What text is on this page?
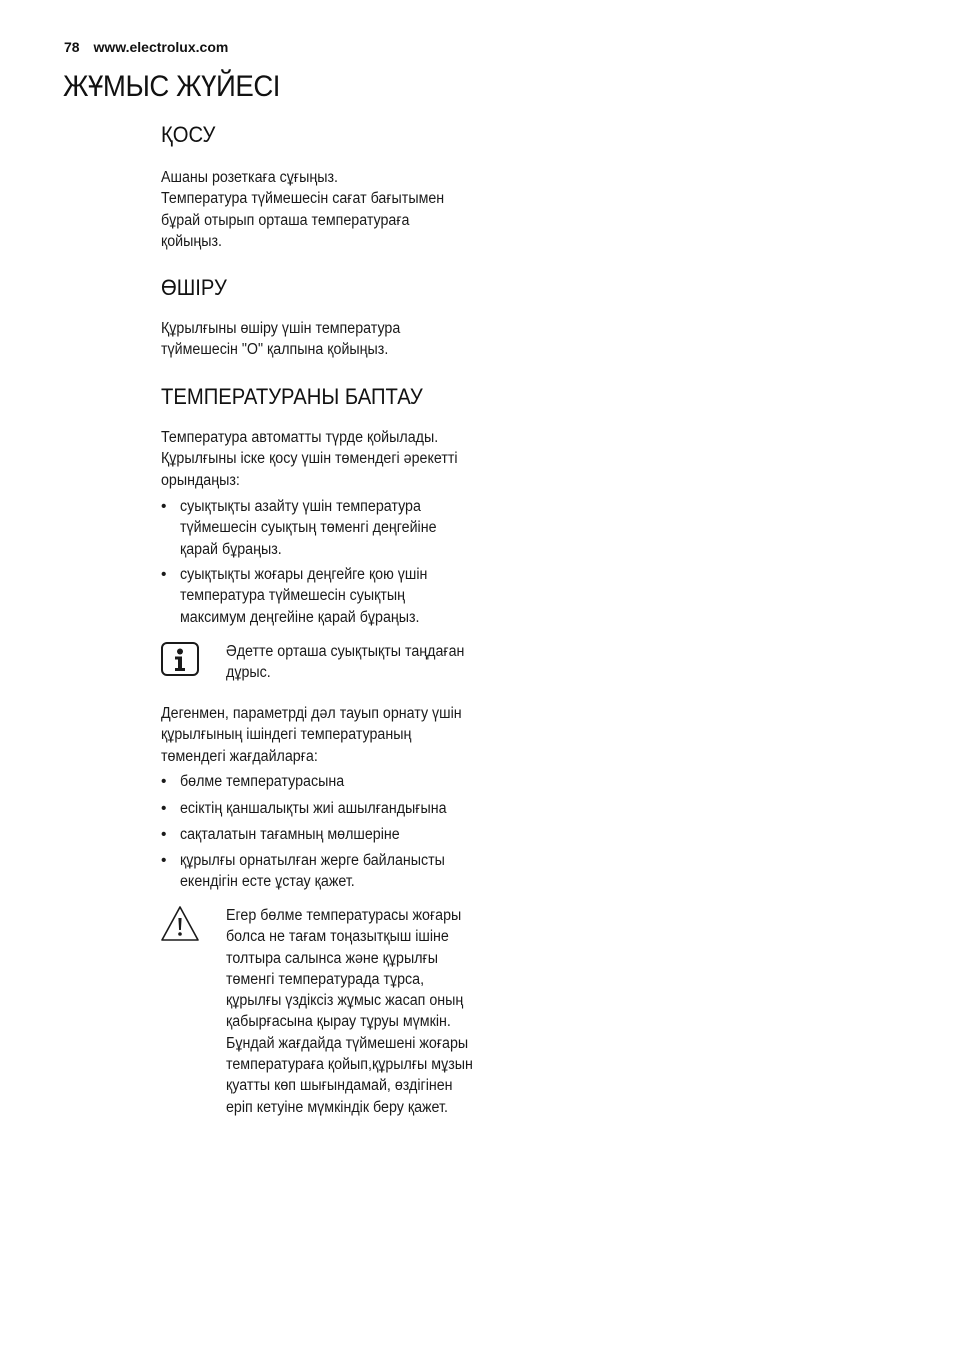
78 www.electrolux.com
ЖҰМЫС ЖҮЙЕСІ
ҚОСУ
Ашаны розеткаға сұғыңыз.
Температура түймешесін сағат бағытымен
бұрай отырып орташа температураға
қойыңыз.
ӨШІРУ
Құрылғыны өшіру үшін температура
түймешесін "O" қалпына қойыңыз.
ТЕМПЕРАТУРАНЫ БАПТАУ
Температура автоматты түрде қойылады.
Құрылғыны іске қосу үшін төмендегі әрекетті
орындаңыз:
• суықтықты азайту үшін температура
түймешесін суықтың төменгі деңгейіне
қарай бұраңыз.
• суықтықты жоғары деңгейге қою үшін
температура түймешесін суықтың
максимум деңгейіне қарай бұраңыз.
Әдетте орташа суықтықты таңдаған
дұрыс.
Дегенмен, параметрді дәл тауып орнату үшін
құрылғының ішіндегі температураның
төмендегі жағдайларға:
• бөлме температурасына
• есіктің қаншалықты жиі ашылғандығына
• сақталатын тағамның мөлшеріне
• құрылғы орнатылған жерге байланысты
екендігін есте ұстау қажет.
Егер бөлме температурасы жоғары
болса не тағам тоңазытқыш ішіне
толтыра салынса және құрылғы
төменгі температурада тұрса,
құрылғы үздіксіз жұмыс жасап оның
қабырғасына қырау тұруы мүмкін.
Бұндай жағдайда түймешені жоғары
температураға қойып,құрылғы мұзын
қуатты көп шығындамай, өздігінен
еріп кетуіне мүмкіндік беру қажет.
